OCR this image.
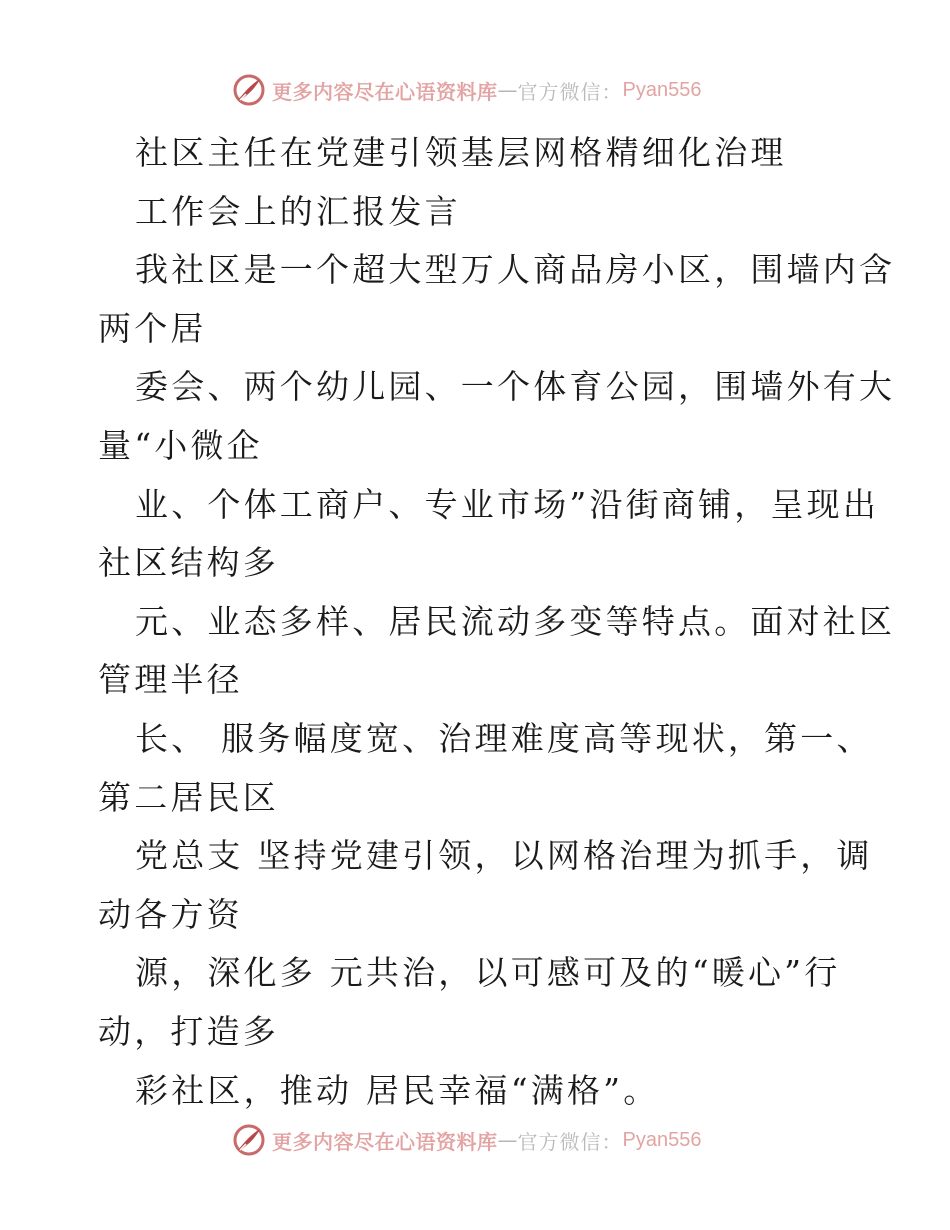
更多内容尽在心语资料库 — 官方微信： Pyan556
社区主任在党建引领基层网格精细化治理
工作会上的汇报发言
我社区是一个超大型万人商品房小区，围墙内含
两个居
委会、两个幼儿园、一个体育公园，围墙外有大
量“小微企
业、个体工商户、专业市场”沿街商铺，呈现出
社区结构多
元、业态多样、居民流动多变等特点。面对社区
管理半径
长、 服务幅度宽、治理难度高等现状，第一、
第二居民区
党总支 坚持党建引领，以网格治理为抓手，调
动各方资
源，深化多 元共治，以可感可及的“暖心”行
动，打造多
彩社区，推动 居民幸福“满格”。
更多内容尽在心语资料库 — 官方微信： Pyan556
